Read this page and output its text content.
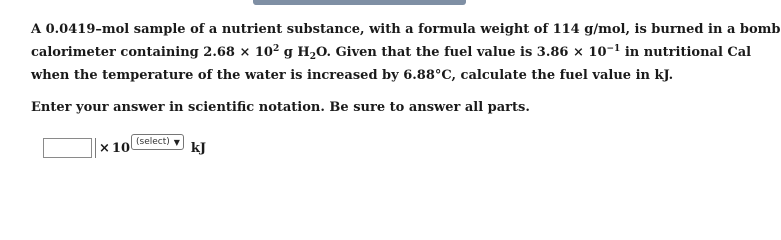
A 0.0419–mol sample of a nutrient substance, with a formula weight of 114 g/mol, is burned in a bomb
calorimeter containing $2.68 \times 10^2$ g $H_2O$. Given that the fuel value is $3.86 \times 10^{-1}$ in nutritional Cal
when the temperature of the water is increased by 6.88°C, calculate the fuel value in kJ.
Enter your answer in scientific notation. Be sure to answer all parts.
× 10 (select) ▼ kJ
